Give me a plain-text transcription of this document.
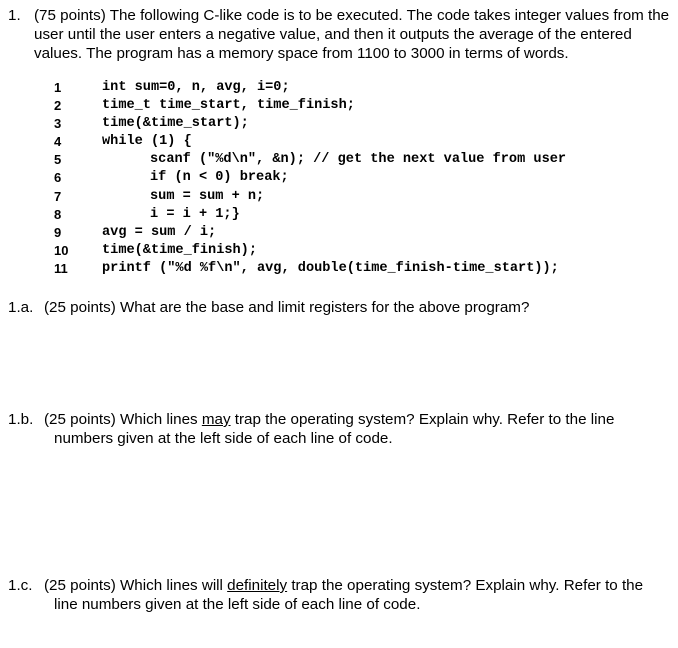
1. (75 points) The following C-like code is to be executed. The code takes integer values from the user until the user enters a negative value, and then it outputs the average of the entered values. The program has a memory space from 1100 to 3000 in terms of words.

1

	int sum=0, n, avg, i=0;

2

	time_t time_start, time_finish;

3

	time(&time_start);

4

	while (1) {

5

	scanf ("%d\n", &n); // get the next value from user

6

	if (n < 0) break;

7

	sum = sum + n;

8

	i = i + 1;}

9

	avg = sum / i;

10

	time(&time_finish);

11

	printf ("%d %f\n", avg, double(time_finish-time_start));

1.a. (25 points) What are the base and limit registers for the above program?
1.b. (25 points) Which lines may trap the operating system? Explain why. Refer to the line numbers given at the left side of each line of code.
1.c. (25 points) Which lines will definitely trap the operating system? Explain why. Refer to the line numbers given at the left side of each line of code.
